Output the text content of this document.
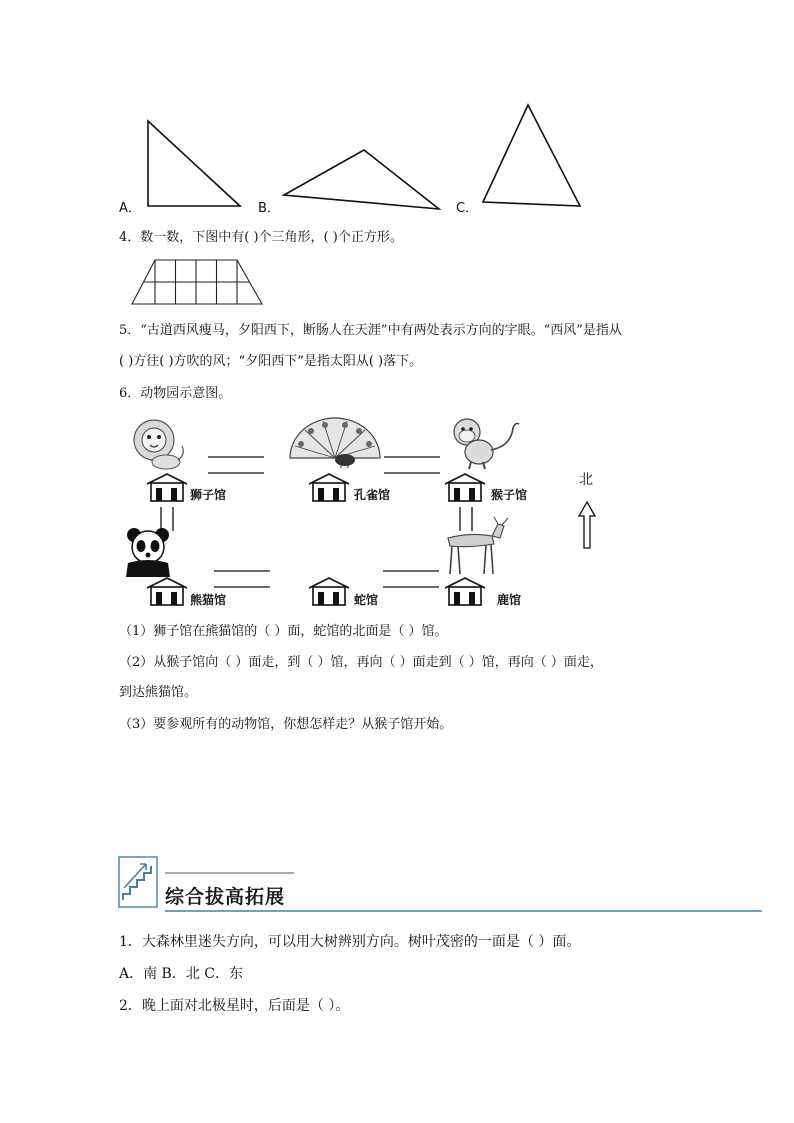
A．	B．	C．
4．数一数，下图中有( )个三角形，( )个正方形。
5．“古道西风瘦马，夕阳西下，断肠人在天涯”中有两处表示方向的字眼。“西风”是指从
( )方往( )方吹的风；“夕阳西下”是指太阳从( )落下。
6．动物园示意图。
狮子馆	孔雀馆	猴子馆
熊猫馆	蛇馆	鹿馆
北
（1）狮子馆在熊猫馆的（ ）面，蛇馆的北面是（ ）馆。
（2）从猴子馆向（ ）面走，到（ ）馆，再向（ ）面走到（ ）馆，再向（ ）面走，
到达熊猫馆。
（3）要参观所有的动物馆，你想怎样走？从猴子馆开始。
综合拔高拓展
1．大森林里迷失方向，可以用大树辨别方向。树叶茂密的一面是（ ）面。
A．南 B．北 C．东
2．晚上面对北极星时，后面是（ ）。
